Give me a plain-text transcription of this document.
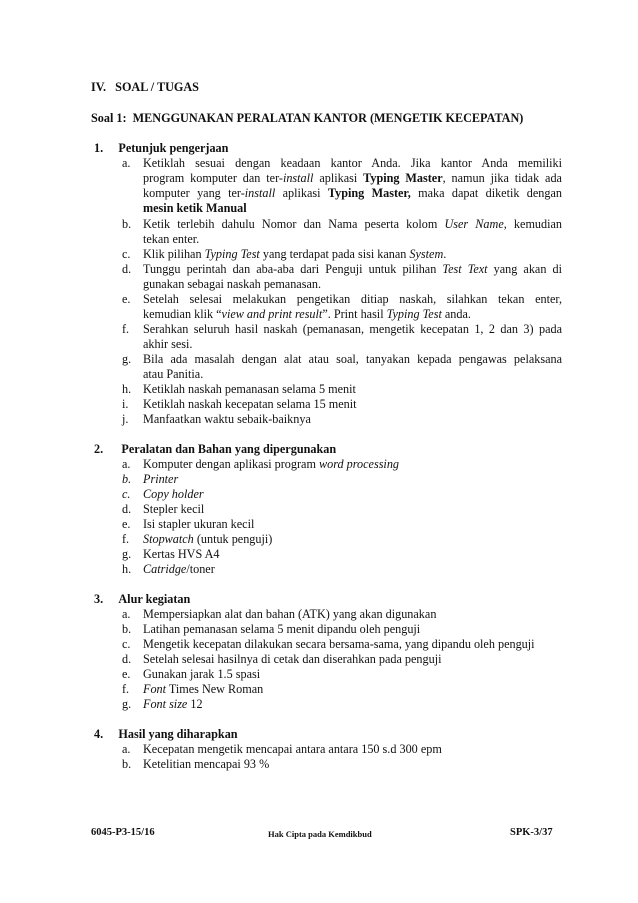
IV. SOAL / TUGAS
Soal 1: MENGGUNAKAN PERALATAN KANTOR (MENGETIK KECEPATAN)
1. Petunjuk pengerjaan
a. Ketiklah sesuai dengan keadaan kantor Anda. Jika kantor Anda memiliki
program komputer dan ter-install aplikasi Typing Master, namun jika tidak ada
komputer yang ter-install aplikasi Typing Master, maka dapat diketik dengan
mesin ketik Manual
b. Ketik terlebih dahulu Nomor dan Nama peserta kolom User Name, kemudian
tekan enter.
c. Klik pilihan Typing Test yang terdapat pada sisi kanan System.
d. Tunggu perintah dan aba-aba dari Penguji untuk pilihan Test Text yang akan di
gunakan sebagai naskah pemanasan.
e. Setelah selesai melakukan pengetikan ditiap naskah, silahkan tekan enter,
kemudian klik “view and print result”. Print hasil Typing Test anda.
f. Serahkan seluruh hasil naskah (pemanasan, mengetik kecepatan 1, 2 dan 3) pada
akhir sesi.
g. Bila ada masalah dengan alat atau soal, tanyakan kepada pengawas pelaksana
atau Panitia.
h. Ketiklah naskah pemanasan selama 5 menit
i. Ketiklah naskah kecepatan selama 15 menit
j. Manfaatkan waktu sebaik-baiknya
2. Peralatan dan Bahan yang dipergunakan
a. Komputer dengan aplikasi program word processing
b. Printer
c. Copy holder
d. Stepler kecil
e. Isi stapler ukuran kecil
f. Stopwatch (untuk penguji)
g. Kertas HVS A4
h. Catridge/toner
3. Alur kegiatan
a. Mempersiapkan alat dan bahan (ATK) yang akan digunakan
b. Latihan pemanasan selama 5 menit dipandu oleh penguji
c. Mengetik kecepatan dilakukan secara bersama-sama, yang dipandu oleh penguji
d. Setelah selesai hasilnya di cetak dan diserahkan pada penguji
e. Gunakan jarak 1.5 spasi
f. Font Times New Roman
g. Font size 12
4. Hasil yang diharapkan
a. Kecepatan mengetik mencapai antara antara 150 s.d 300 epm
b. Ketelitian mencapai 93 %
6045-P3-15/16	Hak Cipta pada Kemdikbud	SPK-3/37
